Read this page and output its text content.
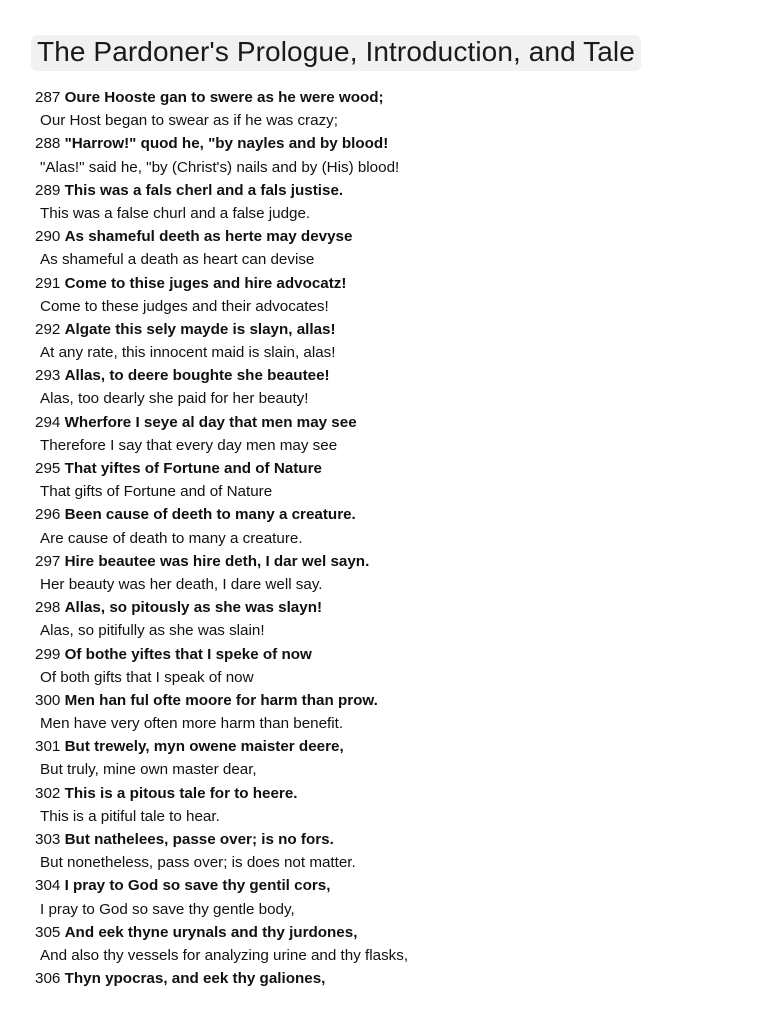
The Pardoner's Prologue, Introduction, and Tale
287 Oure Hooste gan to swere as he were wood;
Our Host began to swear as if he was crazy;
288 "Harrow!" quod he, "by nayles and by blood!
"Alas!" said he, "by (Christ's) nails and by (His) blood!
289 This was a fals cherl and a fals justise.
This was a false churl and a false judge.
290 As shameful deeth as herte may devyse
As shameful a death as heart can devise
291 Come to thise juges and hire advocatz!
Come to these judges and their advocates!
292 Algate this sely mayde is slayn, allas!
At any rate, this innocent maid is slain, alas!
293 Allas, to deere boughte she beautee!
Alas, too dearly she paid for her beauty!
294 Wherfore I seye al day that men may see
Therefore I say that every day men may see
295 That yiftes of Fortune and of Nature
That gifts of Fortune and of Nature
296 Been cause of deeth to many a creature.
Are cause of death to many a creature.
297 Hire beautee was hire deth, I dar wel sayn.
Her beauty was her death, I dare well say.
298 Allas, so pitously as she was slayn!
Alas, so pitifully as she was slain!
299 Of bothe yiftes that I speke of now
Of both gifts that I speak of now
300 Men han ful ofte moore for harm than prow.
Men have very often more harm than benefit.
301 But trewely, myn owene maister deere,
But truly, mine own master dear,
302 This is a pitous tale for to heere.
This is a pitiful tale to hear.
303 But nathelees, passe over; is no fors.
But nonetheless, pass over; is does not matter.
304 I pray to God so save thy gentil cors,
I pray to God so save thy gentle body,
305 And eek thyne urynals and thy jurdones,
And also thy vessels for analyzing urine and thy flasks,
306 Thyn ypocras, and eek thy galiones,
